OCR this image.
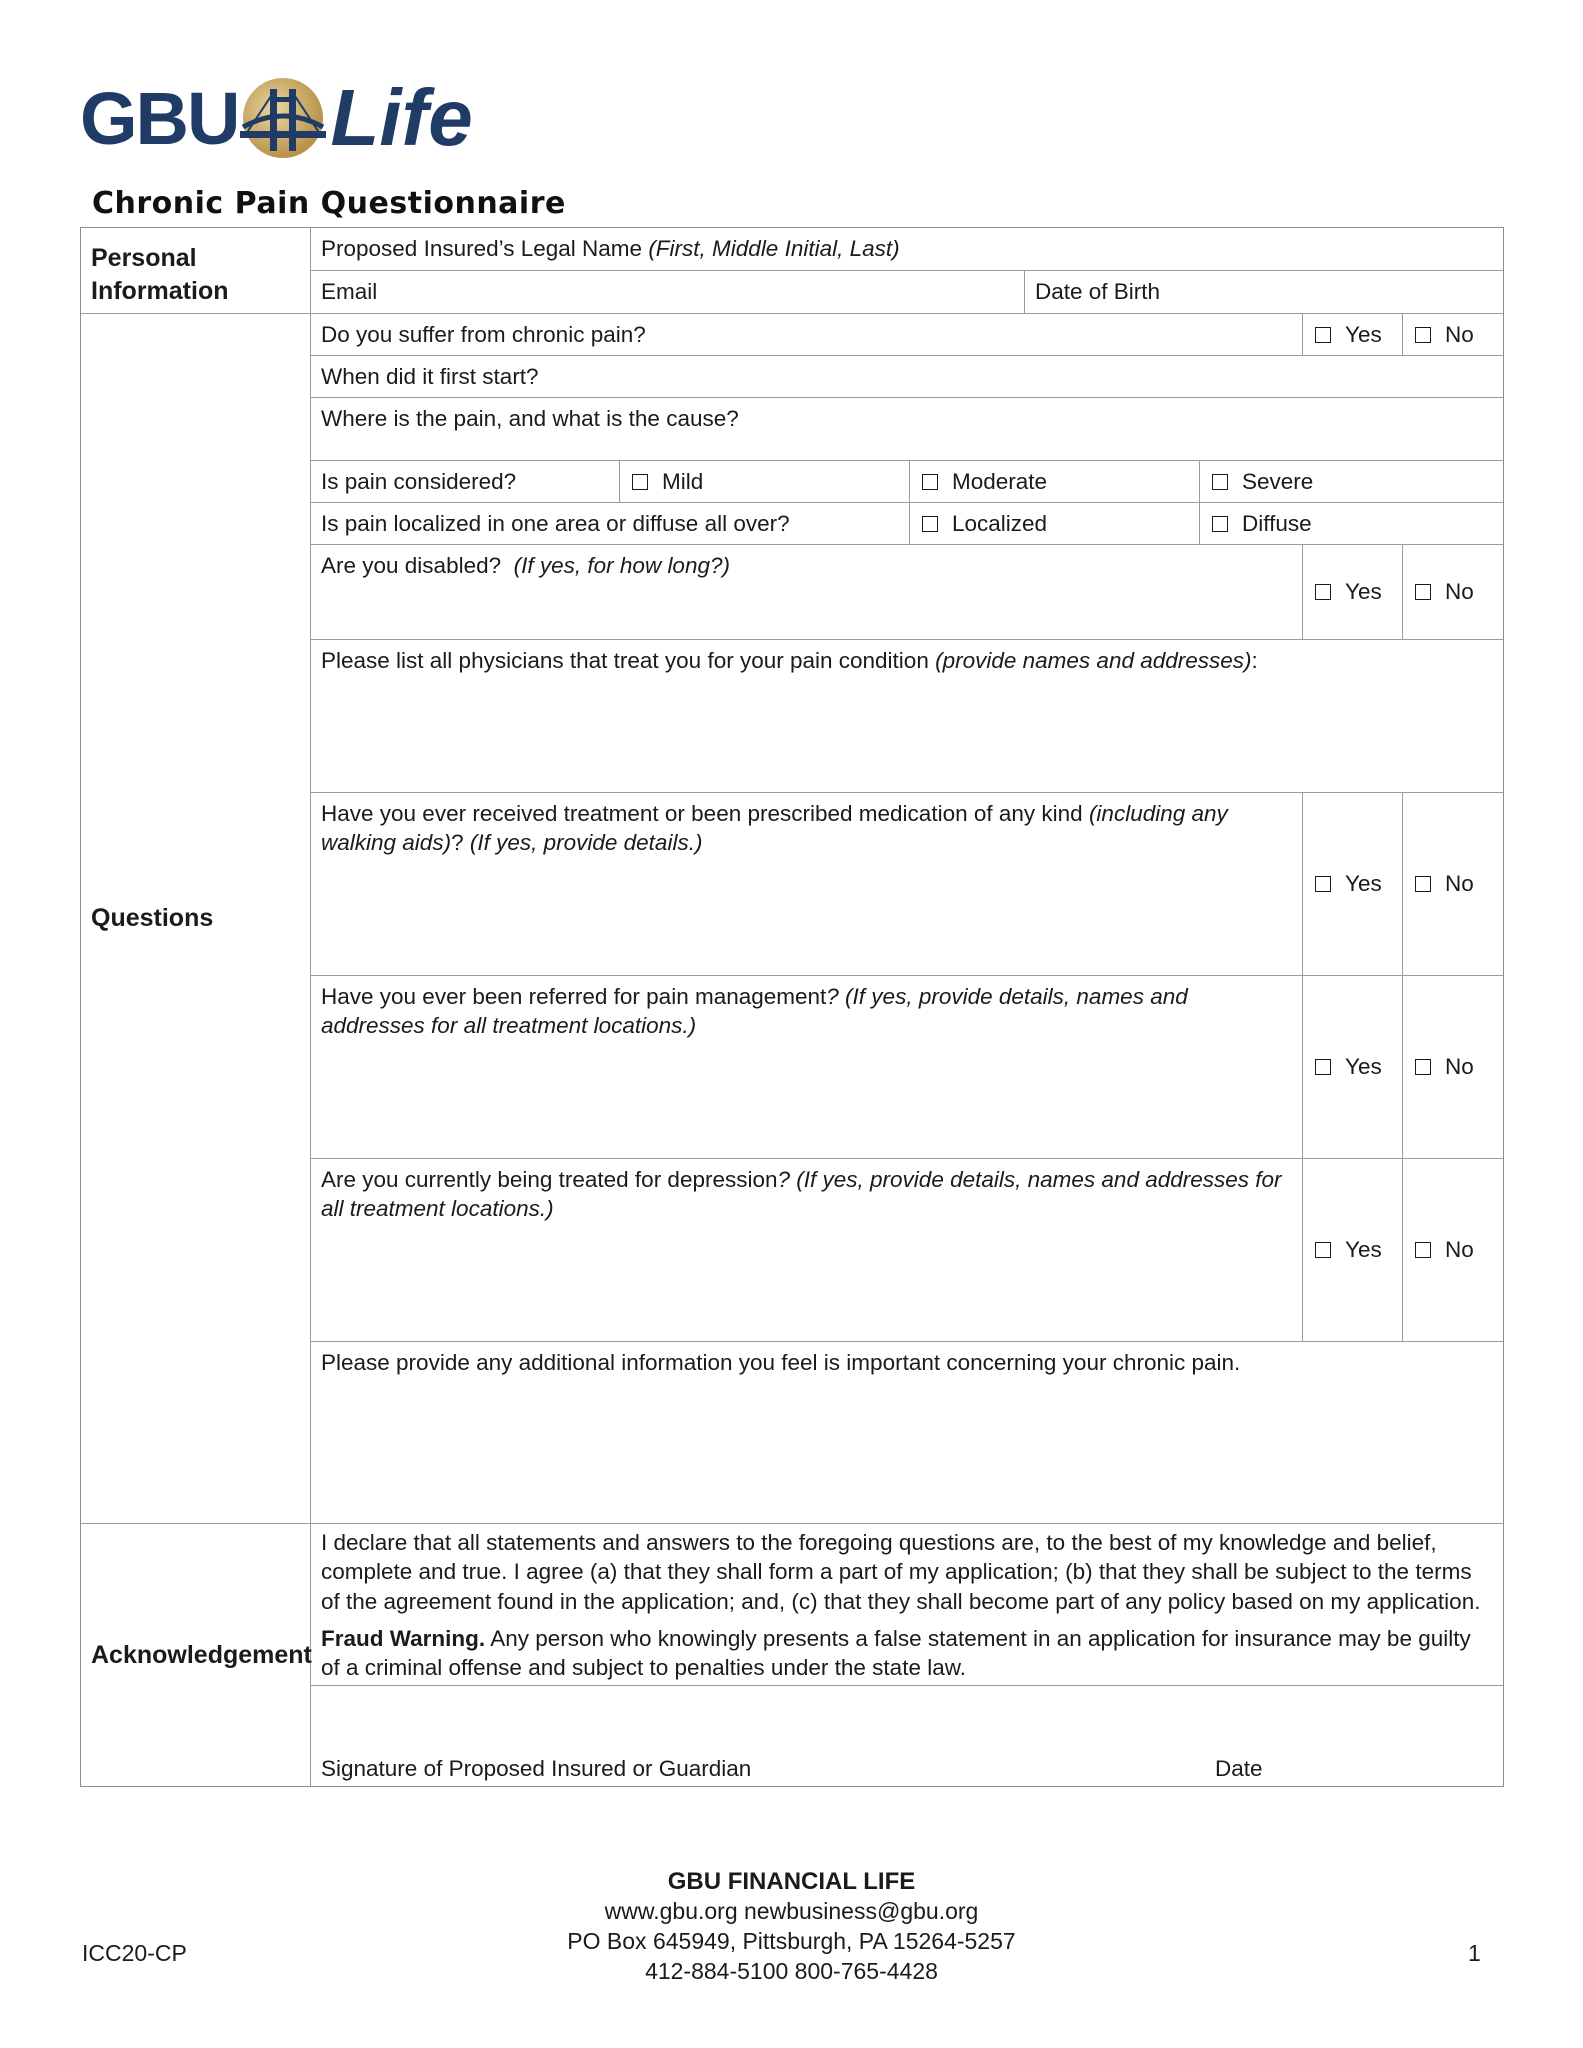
GBU Life
Chronic Pain Questionnaire
Personal Information
Questions
Acknowledgement
Proposed Insured’s Legal Name (First, Middle Initial, Last)
Email	Date of Birth
Do you suffer from chronic pain?	Yes	No
When did it first start?
Where is the pain, and what is the cause?
Is pain considered?	Mild	Moderate	Severe
Is pain localized in one area or diffuse all over?	Localized	Diffuse
Are you disabled? (If yes, for how long?)
Yes	No
Please list all physicians that treat you for your pain condition (provide names and addresses):
Have you ever received treatment or been prescribed medication of any kind (including any walking aids)? (If yes, provide details.)
Yes	No
Have you ever been referred for pain management? (If yes, provide details, names and addresses for all treatment locations.)
Yes	No
Are you currently being treated for depression? (If yes, provide details, names and addresses for all treatment locations.)
Yes	No
Please provide any additional information you feel is important concerning your chronic pain.
I declare that all statements and answers to the foregoing questions are, to the best of my knowledge and belief, complete and true. I agree (a) that they shall form a part of my application; (b) that they shall be subject to the terms of the agreement found in the application; and, (c) that they shall become part of any policy based on my application.
Fraud Warning. Any person who knowingly presents a false statement in an application for insurance may be guilty of a criminal offense and subject to penalties under the state law.
Signature of Proposed Insured or Guardian	Date
GBU FINANCIAL LIFE
www.gbu.org newbusiness@gbu.org
PO Box 645949, Pittsburgh, PA 15264-5257
412-884-5100 800-765-4428
ICC20-CP	1
